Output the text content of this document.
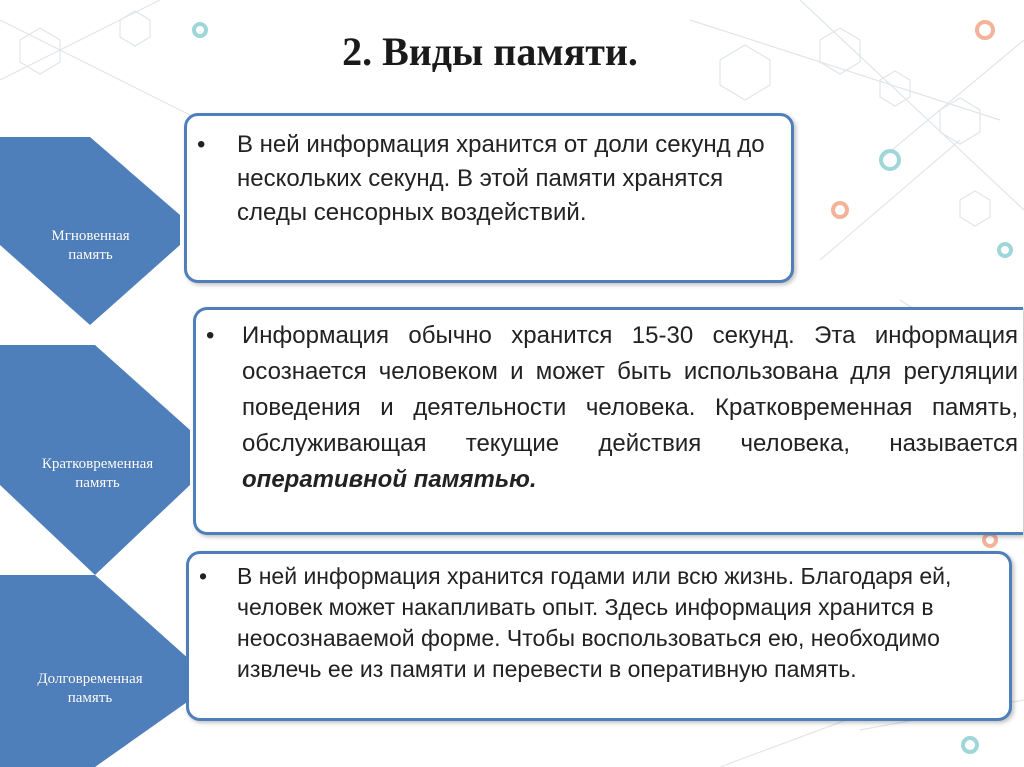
2. Виды памяти.
Мгновенная
память
Кратковременная
память
Долговременная
память
• В ней информация хранится от доли секунд до нескольких секунд. В этой памяти хранятся следы сенсорных воздействий.
• Информация обычно хранится 15-30 секунд. Эта информация осознается человеком и может быть использована для регуляции поведения и деятельности человека. Кратковременная память, обслуживающая текущие действия человека, называется оперативной памятью.
• В ней информация хранится годами или всю жизнь. Благодаря ей, человек может накапливать опыт. Здесь информация хранится в неосознаваемой форме. Чтобы воспользоваться ею, необходимо извлечь ее из памяти и перевести в оперативную память.
